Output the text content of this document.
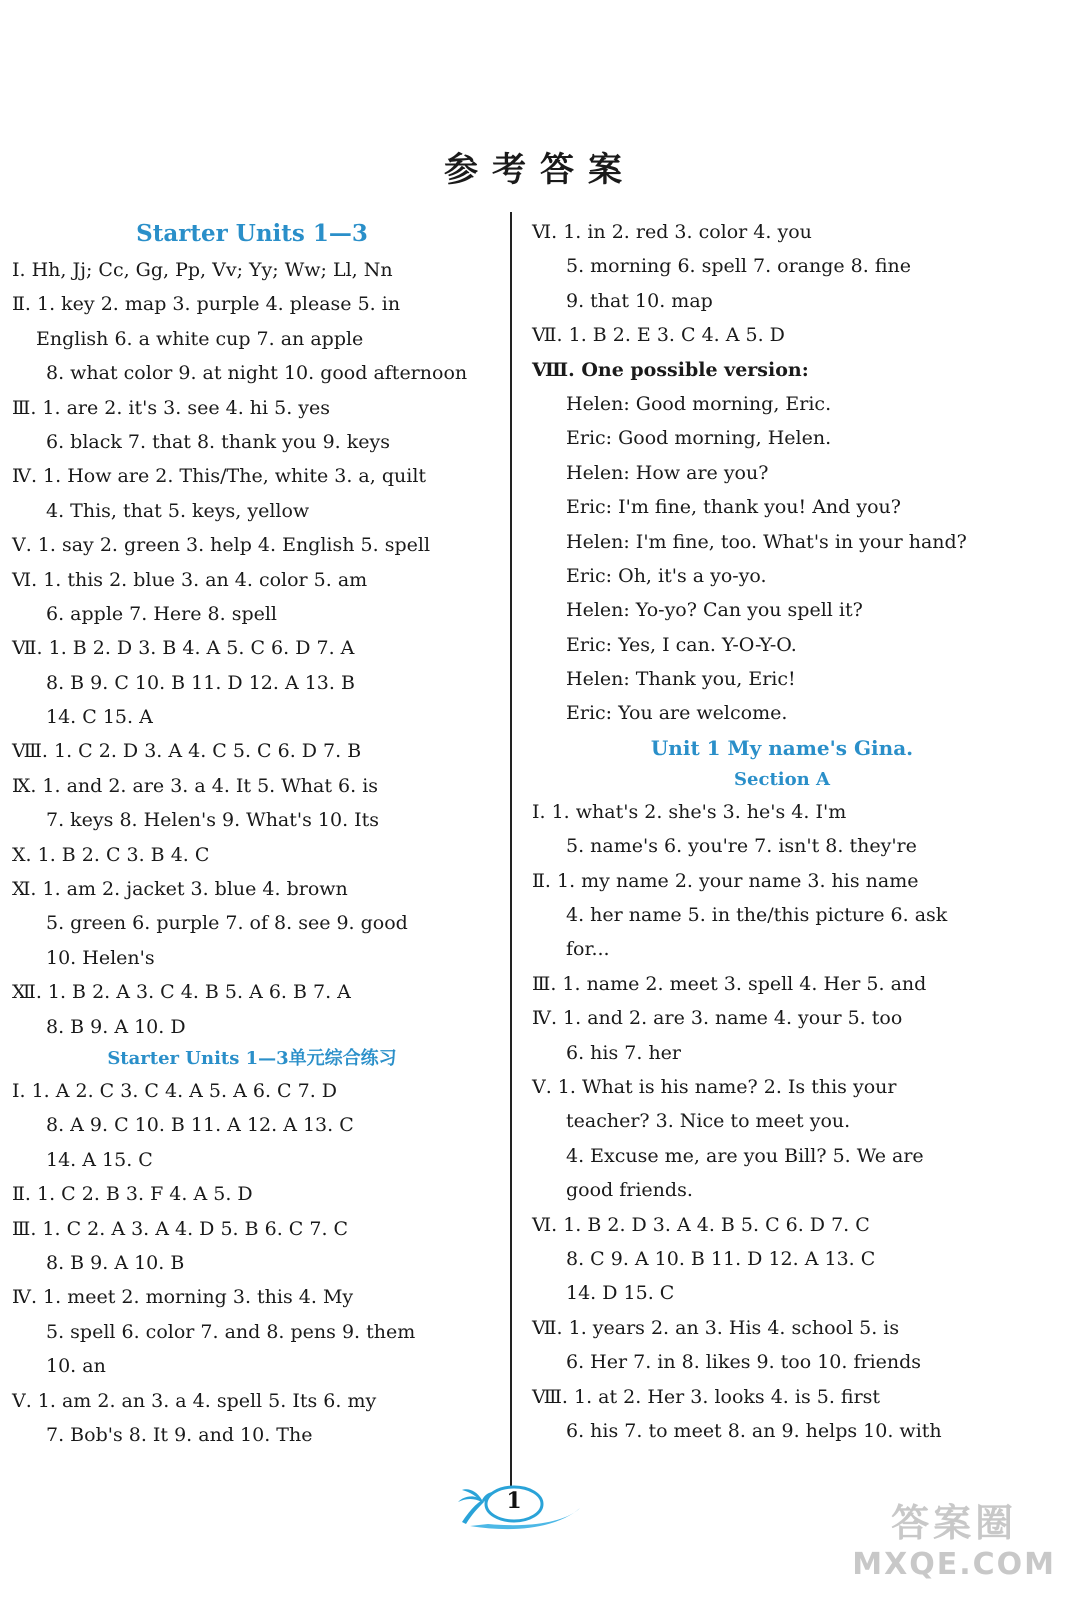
参考答案
Starter Units 1—3
Ⅰ. Hh, Jj; Cc, Gg, Pp, Vv; Yy; Ww; Ll, Nn
Ⅱ. 1. key 2. map 3. purple 4. please 5. in
English 6. a white cup 7. an apple
8. what color 9. at night 10. good afternoon
Ⅲ. 1. are 2. it's 3. see 4. hi 5. yes
6. black 7. that 8. thank you 9. keys
Ⅳ. 1. How are 2. This/The, white 3. a, quilt
4. This, that 5. keys, yellow
Ⅴ. 1. say 2. green 3. help 4. English 5. spell
Ⅵ. 1. this 2. blue 3. an 4. color 5. am
6. apple 7. Here 8. spell
Ⅶ. 1. B 2. D 3. B 4. A 5. C 6. D 7. A
8. B 9. C 10. B 11. D 12. A 13. B
14. C 15. A
Ⅷ. 1. C 2. D 3. A 4. C 5. C 6. D 7. B
Ⅸ. 1. and 2. are 3. a 4. It 5. What 6. is
7. keys 8. Helen's 9. What's 10. Its
Ⅹ. 1. B 2. C 3. B 4. C
Ⅺ. 1. am 2. jacket 3. blue 4. brown
5. green 6. purple 7. of 8. see 9. good
10. Helen's
Ⅻ. 1. B 2. A 3. C 4. B 5. A 6. B 7. A
8. B 9. A 10. D
Starter Units 1—3单元综合练习
Ⅰ. 1. A 2. C 3. C 4. A 5. A 6. C 7. D
8. A 9. C 10. B 11. A 12. A 13. C
14. A 15. C
Ⅱ. 1. C 2. B 3. F 4. A 5. D
Ⅲ. 1. C 2. A 3. A 4. D 5. B 6. C 7. C
8. B 9. A 10. B
Ⅳ. 1. meet 2. morning 3. this 4. My
5. spell 6. color 7. and 8. pens 9. them
10. an
Ⅴ. 1. am 2. an 3. a 4. spell 5. Its 6. my
7. Bob's 8. It 9. and 10. The
Ⅵ. 1. in 2. red 3. color 4. you
5. morning 6. spell 7. orange 8. fine
9. that 10. map
Ⅶ. 1. B 2. E 3. C 4. A 5. D
Ⅷ. One possible version:
Helen: Good morning, Eric.
Eric: Good morning, Helen.
Helen: How are you?
Eric: I'm fine, thank you! And you?
Helen: I'm fine, too. What's in your hand?
Eric: Oh, it's a yo-yo.
Helen: Yo-yo? Can you spell it?
Eric: Yes, I can. Y-O-Y-O.
Helen: Thank you, Eric!
Eric: You are welcome.
Unit 1 My name's Gina.
Section A
Ⅰ. 1. what's 2. she's 3. he's 4. I'm
5. name's 6. you're 7. isn't 8. they're
Ⅱ. 1. my name 2. your name 3. his name
4. her name 5. in the/this picture 6. ask
for...
Ⅲ. 1. name 2. meet 3. spell 4. Her 5. and
Ⅳ. 1. and 2. are 3. name 4. your 5. too
6. his 7. her
Ⅴ. 1. What is his name? 2. Is this your
teacher? 3. Nice to meet you.
4. Excuse me, are you Bill? 5. We are
good friends.
Ⅵ. 1. B 2. D 3. A 4. B 5. C 6. D 7. C
8. C 9. A 10. B 11. D 12. A 13. C
14. D 15. C
Ⅶ. 1. years 2. an 3. His 4. school 5. is
6. Her 7. in 8. likes 9. too 10. friends
Ⅷ. 1. at 2. Her 3. looks 4. is 5. first
6. his 7. to meet 8. an 9. helps 10. with
1	答案圈
MXQE.COM
